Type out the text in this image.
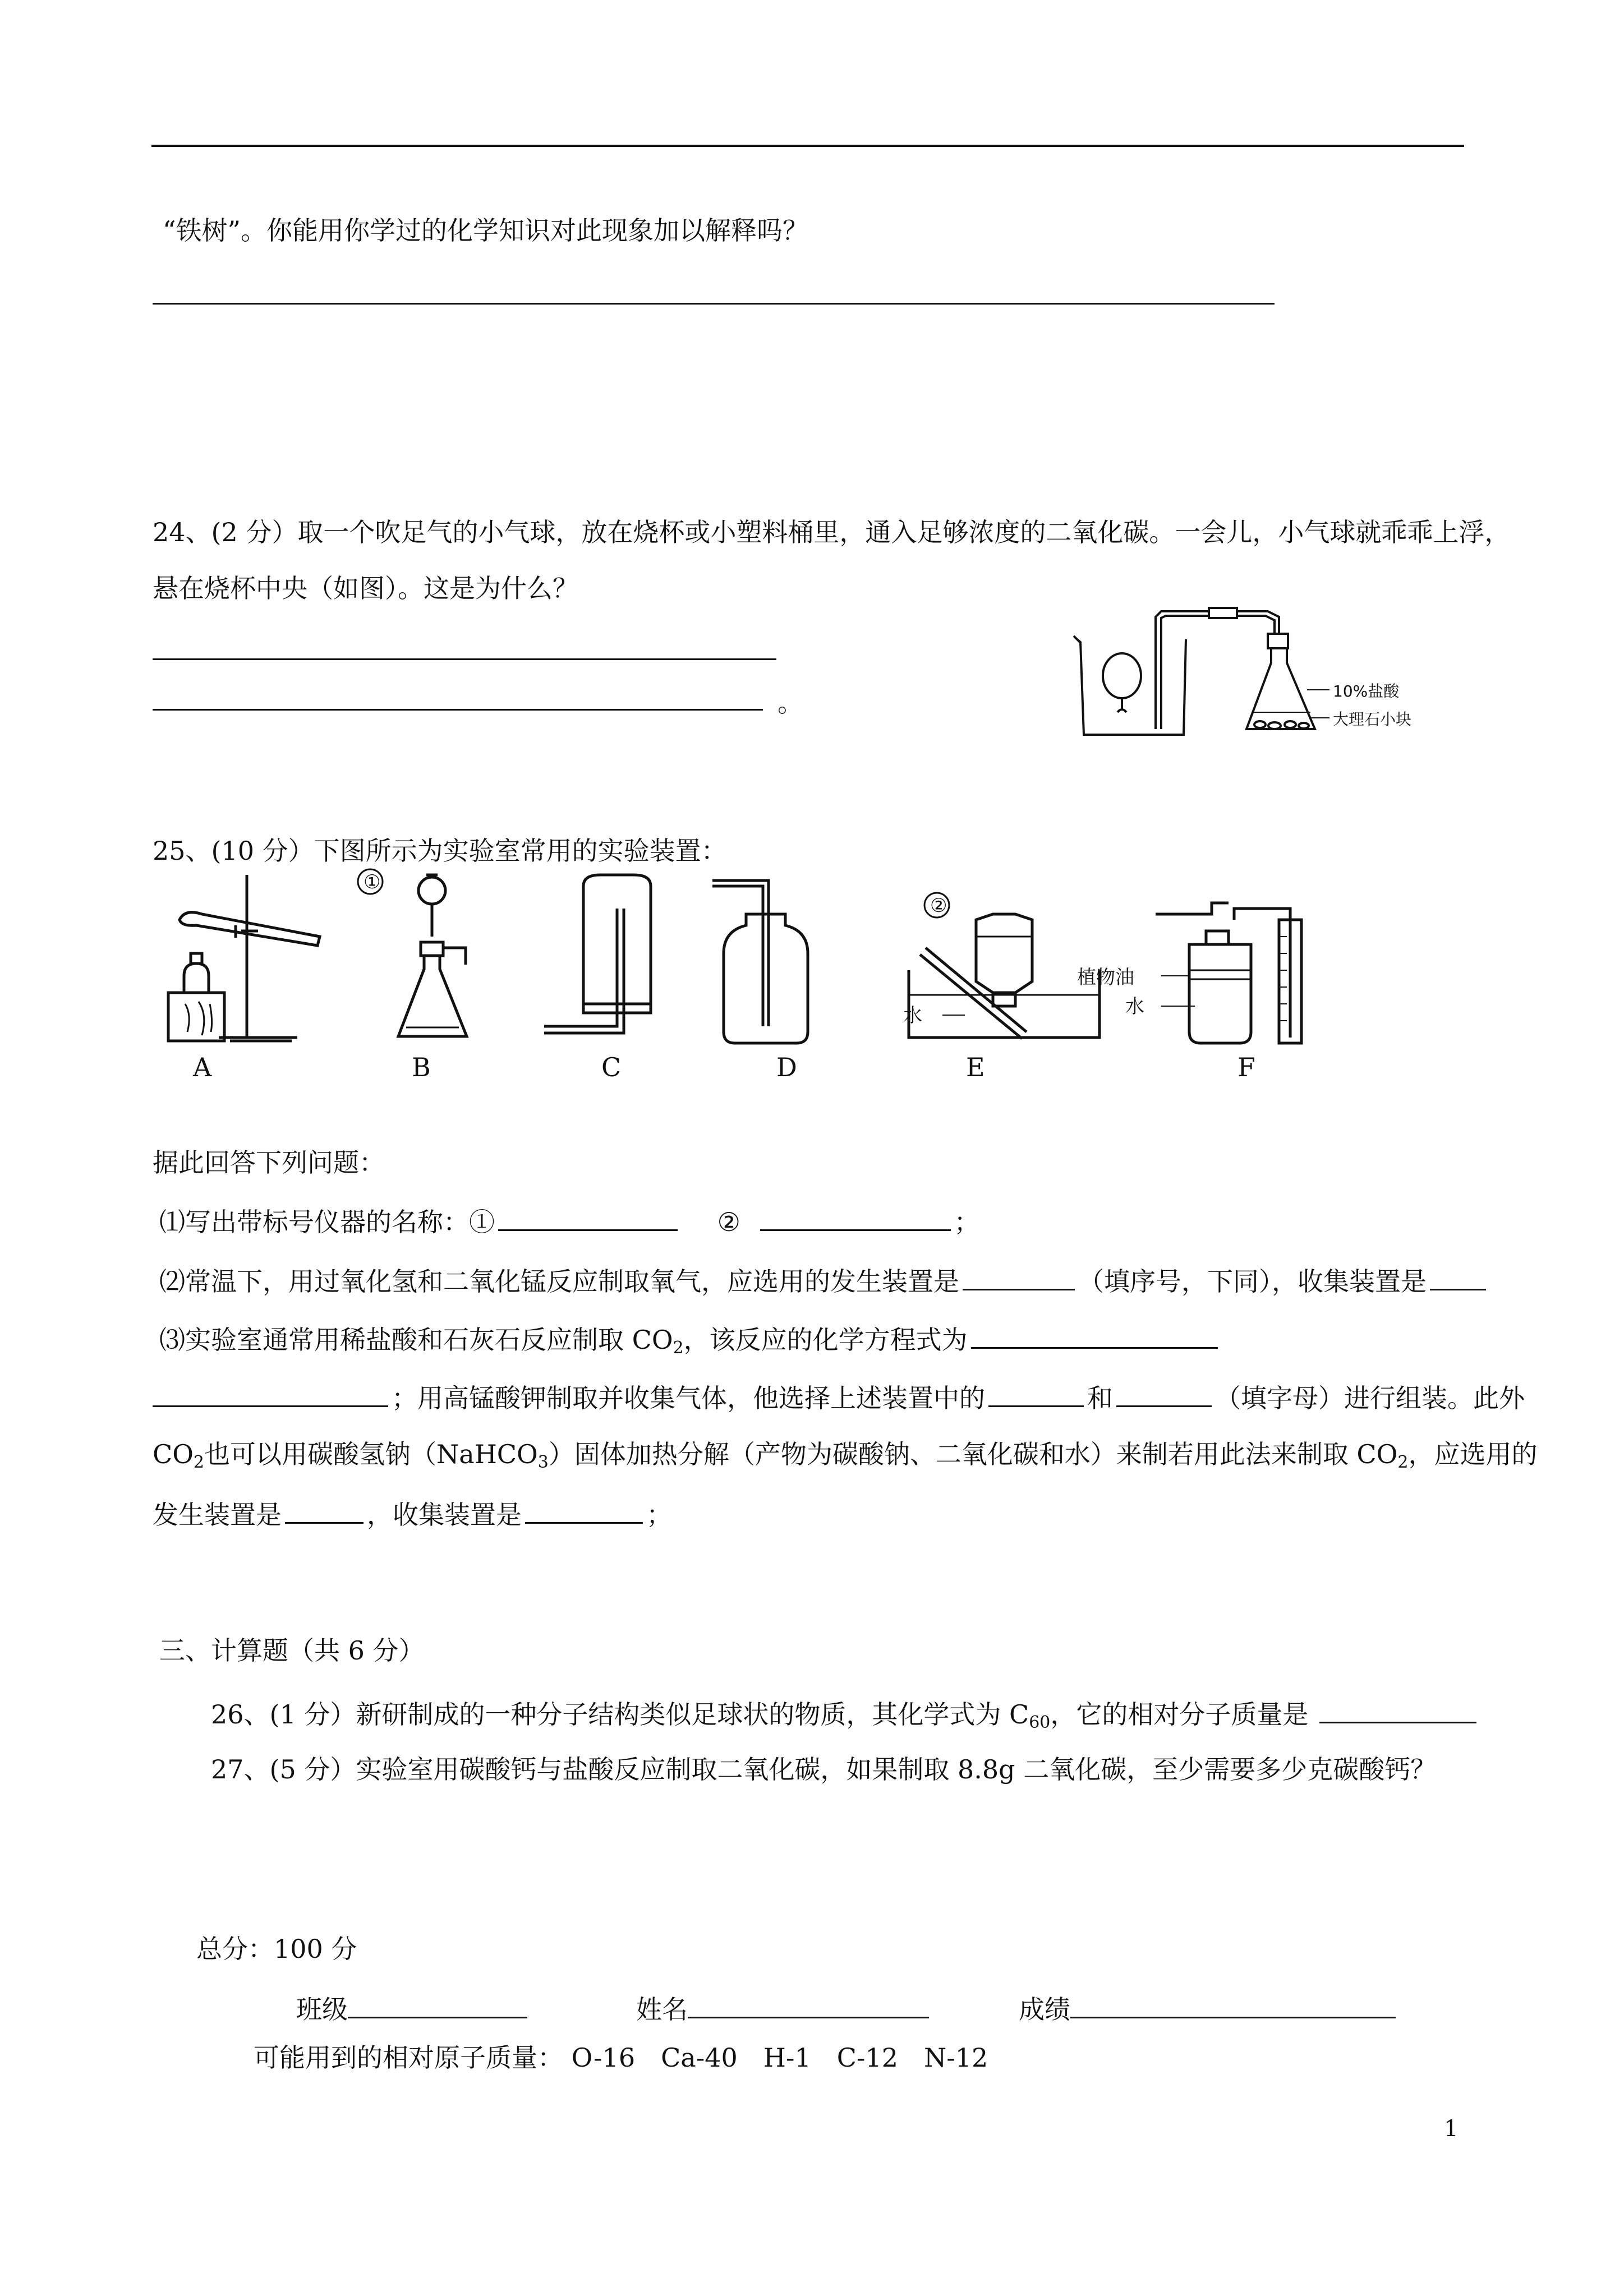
“铁树”。你能用你学过的化学知识对此现象加以解释吗？
24、(2 分）取一个吹足气的小气球，放在烧杯或小塑料桶里，通入足够浓度的二氧化碳。一会儿，小气球就乖乖上浮，
悬在烧杯中央（如图）。这是为什么？
。	10%盐酸
大理石小块
25、(10 分）下图所示为实验室常用的实验装置：
①
②
水
植物油
水
A	B	C	D	E	F
据此回答下列问题：
⑴写出带标号仪器的名称：①	②	；
⑵常温下，用过氧化氢和二氧化锰反应制取氧气，应选用的发生装置是	（填序号，下同），收集装置是
⑶实验室通常用稀盐酸和石灰石反应制取 $CO_2$，该反应的化学方程式为
；用高锰酸钾制取并收集气体，他选择上述装置中的	和	（填字母）进行组装。此外
$CO_2$也可以用碳酸氢钠（NaHCO$_3$）固体加热分解（产物为碳酸钠、二氧化碳和水）来制若用此法来制取 $CO_2$，应选用的
发生装置是	，收集装置是	；
三、计算题（共 6 分）
26、(1 分）新研制成的一种分子结构类似足球状的物质，其化学式为 $C_{60}$，它的相对分子质量是
27、(5 分）实验室用碳酸钙与盐酸反应制取二氧化碳，如果制取 8.8g 二氧化碳，至少需要多少克碳酸钙？
总分：100 分
班级	姓名	成绩
可能用到的相对原子质量： O-16　Ca-40　H-1　C-12　N-12
1
